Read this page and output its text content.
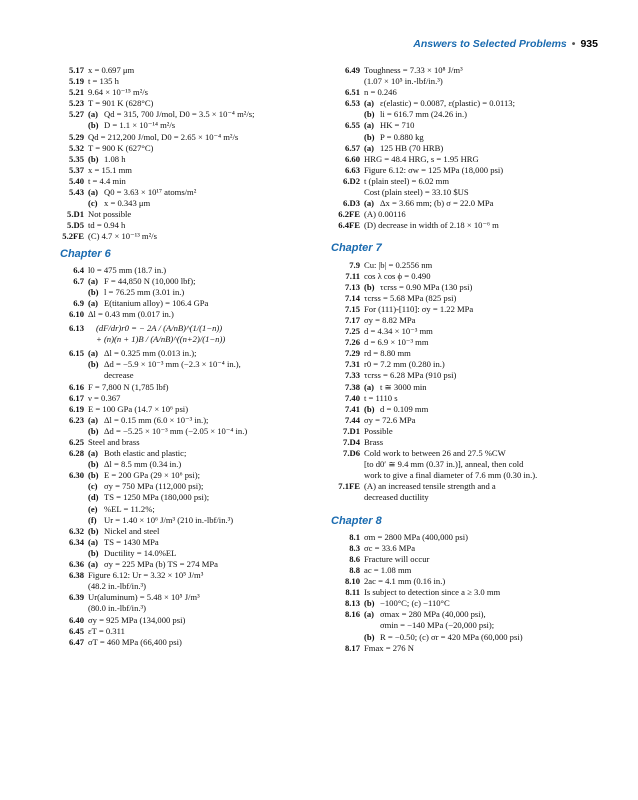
Answers to Selected Problems • 935
5.17 x = 0.697 μm
5.19 t = 135 h
5.21 9.64 × 10⁻¹⁵ m²/s
5.23 T = 901 K (628°C)
5.27 (a) Qd = 315, 700 J/mol, D0 = 3.5 × 10⁻⁴ m²/s;
(b) D = 1.1 × 10⁻¹⁴ m²/s
5.29 Qd = 212,200 J/mol, D0 = 2.65 × 10⁻⁴ m²/s
5.32 T = 900 K (627°C)
5.35 (b) 1.08 h
5.37 x = 15.1 mm
5.40 t = 4.4 min
5.43 (a) Q0 = 3.63 × 10¹⁷ atoms/m²
(c) x = 0.343 μm
5.D1 Not possible
5.D5 td = 0.94 h
5.2FE (C) 4.7 × 10⁻¹³ m²/s
Chapter 6
6.4 l0 = 475 mm (18.7 in.)
6.7 (a) F = 44,850 N (10,000 lbf);
(b) l = 76.25 mm (3.01 in.)
6.9 (a) E(titanium alloy) = 106.4 GPa
6.10 Δl = 0.43 mm (0.017 in.)
6.13	(dF/dr)r0 = − 2A / (A/nB)^(1/(1−n))
+ (n)(n + 1)B / (A/nB)^((n+2)/(1−n))
6.15 (a) Δl = 0.325 mm (0.013 in.);
(b) Δd = −5.9 × 10⁻³ mm (−2.3 × 10⁻⁴ in.),
decrease
6.16 F = 7,800 N (1,785 lbf)
6.17 ν = 0.367
6.19 E = 100 GPa (14.7 × 10⁶ psi)
6.23 (a) Δl = 0.15 mm (6.0 × 10⁻³ in.);
(b) Δd = −5.25 × 10⁻³ mm (−2.05 × 10⁻⁴ in.)
6.25 Steel and brass
6.28 (a) Both elastic and plastic;
(b) Δl = 8.5 mm (0.34 in.)
6.30 (b) E = 200 GPa (29 × 10⁶ psi);
(c) σy = 750 MPa (112,000 psi);
(d) TS = 1250 MPa (180,000 psi);
(e) %EL = 11.2%;
(f) Ur = 1.40 × 10⁶ J/m³ (210 in.-lbf/in.³)
6.32 (b) Nickel and steel
6.34 (a) TS = 1430 MPa
(b) Ductility = 14.0%EL
6.36 (a) σy = 225 MPa (b) TS = 274 MPa
6.38 Figure 6.12: Ur = 3.32 × 10⁵ J/m³
(48.2 in.-lbf/in.³)
6.39 Ur(aluminum) = 5.48 × 10⁵ J/m³
(80.0 in.-lbf/in.³)
6.40 σy = 925 MPa (134,000 psi)
6.45 εT = 0.311
6.47 σT = 460 MPa (66,400 psi)
6.49 Toughness = 7.33 × 10⁸ J/m³
(1.07 × 10⁵ in.-lbf/in.³)
6.51 n = 0.246
6.53 (a) ε(elastic) = 0.0087, ε(plastic) = 0.0113;
(b) li = 616.7 mm (24.26 in.)
6.55 (a) HK = 710
(b) P = 0.880 kg
6.57 (a) 125 HB (70 HRB)
6.60 HRG = 48.4 HRG, s = 1.95 HRG
6.63 Figure 6.12: σw = 125 MPa (18,000 psi)
6.D2 t (plain steel) = 6.02 mm
Cost (plain steel) = 33.10 $US
6.D3 (a) Δx = 3.66 mm; (b) σ = 22.0 MPa
6.2FE (A) 0.00116
6.4FE (D) decrease in width of 2.18 × 10⁻⁶ m
Chapter 7
7.9 Cu: |b| = 0.2556 nm
7.11 cos λ cos ϕ = 0.490
7.13 (b) τcrss = 0.90 MPa (130 psi)
7.14 τcrss = 5.68 MPa (825 psi)
7.15 For (111)-[110]: σy = 1.22 MPa
7.17 σy = 8.82 MPa
7.25 d = 4.34 × 10⁻³ mm
7.26 d = 6.9 × 10⁻³ mm
7.29 rd = 8.80 mm
7.31 r0 = 7.2 mm (0.280 in.)
7.33 τcrss = 6.28 MPa (910 psi)
7.38 (a) t ≅ 3000 min
7.40 t = 1110 s
7.41 (b) d = 0.109 mm
7.44 σy = 72.6 MPa
7.D1 Possible
7.D4 Brass
7.D6 Cold work to between 26 and 27.5 %CW
[to d0′ ≅ 9.4 mm (0.37 in.)], anneal, then cold
work to give a final diameter of 7.6 mm (0.30 in.).
7.1FE (A) an increased tensile strength and a
decreased ductility
Chapter 8
8.1 σm = 2800 MPa (400,000 psi)
8.3 σc = 33.6 MPa
8.6 Fracture will occur
8.8 ac = 1.08 mm
8.10 2ac = 4.1 mm (0.16 in.)
8.11 Is subject to detection since a ≥ 3.0 mm
8.13 (b) −100°C; (c) −110°C
8.16 (a) σmax = 280 MPa (40,000 psi),
σmin = −140 MPa (−20,000 psi);
(b) R = −0.50; (c) σr = 420 MPa (60,000 psi)
8.17 Fmax = 276 N
